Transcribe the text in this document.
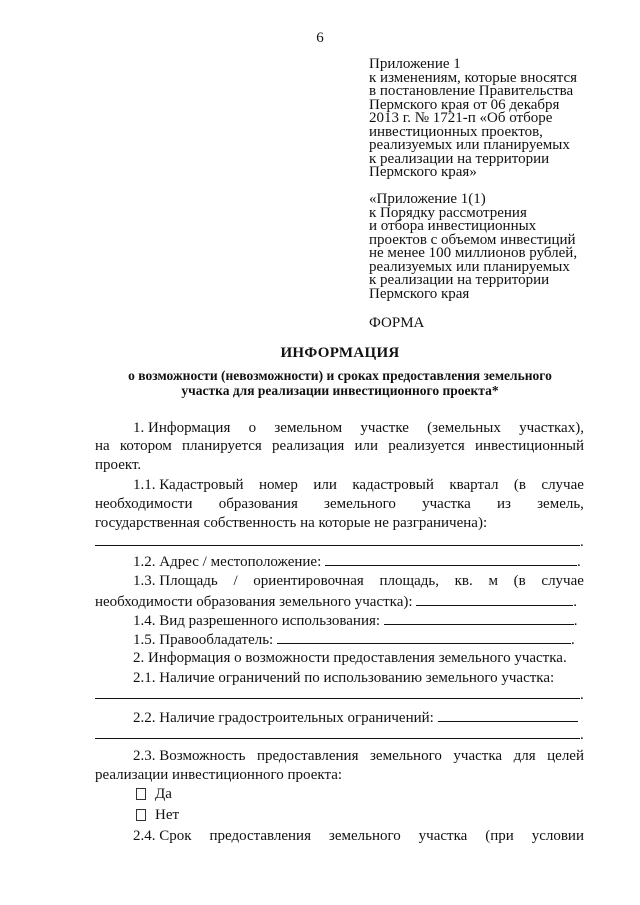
6
Приложение 1
к изменениям, которые вносятся
в постановление Правительства
Пермского края от 06 декабря
2013 г. № 1721-п «Об отборе
инвестиционных проектов,
реализуемых или планируемых
к реализации на территории
Пермского края»
«Приложение 1(1)
к Порядку рассмотрения
и отбора инвестиционных
проектов с объемом инвестиций
не менее 100 миллионов рублей,
реализуемых или планируемых
к реализации на территории
Пермского края
ФОРМА
ИНФОРМАЦИЯ
о возможности (невозможности) и сроках предоставления земельного
участка для реализации инвестиционного проекта*
1. Информация о земельном участке (земельных участках),
на котором планируется реализация или реализуется инвестиционный
проект.
1.1. Кадастровый номер или кадастровый квартал (в случае
необходимости образования земельного участка из земель,
государственная собственность на которые не разграничена):
.
1.2. Адрес / местоположение:	.
1.3. Площадь / ориентировочная площадь, кв. м (в случае
необходимости образования земельного участка):	.
1.4. Вид разрешенного использования:	.
1.5. Правообладатель:	.
2. Информация о возможности предоставления земельного участка.
2.1. Наличие ограничений по использованию земельного участка:
.
2.2. Наличие градостроительных ограничений:
.
2.3. Возможность предоставления земельного участка для целей
реализации инвестиционного проекта:
Да
Нет
2.4. Срок предоставления земельного участка (при условии
